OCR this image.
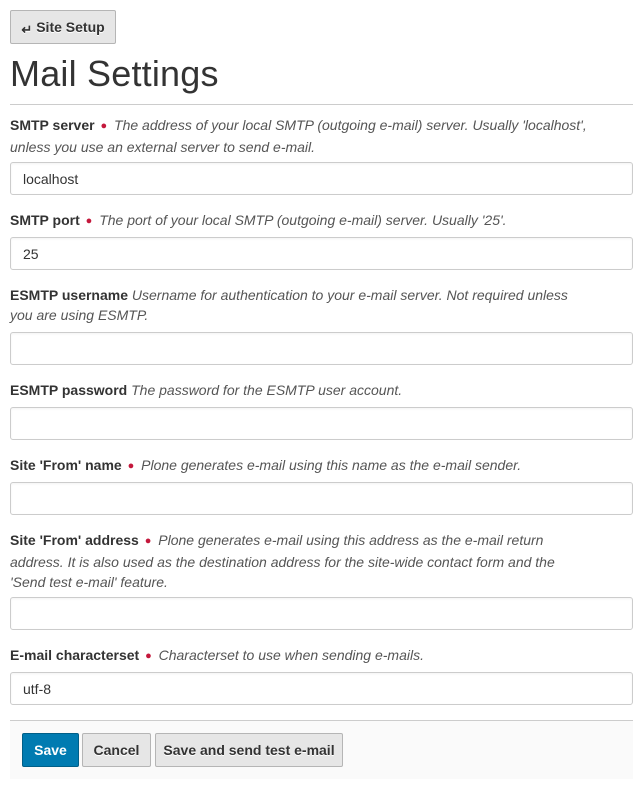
↵ Site Setup
Mail Settings
SMTP server ● The address of your local SMTP (outgoing e-mail) server. Usually 'localhost', unless you use an external server to send e-mail.
localhost
SMTP port ● The port of your local SMTP (outgoing e-mail) server. Usually '25'.
25
ESMTP username Username for authentication to your e-mail server. Not required unless you are using ESMTP.
ESMTP password The password for the ESMTP user account.
Site 'From' name ● Plone generates e-mail using this name as the e-mail sender.
Site 'From' address ● Plone generates e-mail using this address as the e-mail return address. It is also used as the destination address for the site-wide contact form and the 'Send test e-mail' feature.
E-mail characterset ● Characterset to use when sending e-mails.
utf-8
Save	Cancel	Save and send test e-mail
